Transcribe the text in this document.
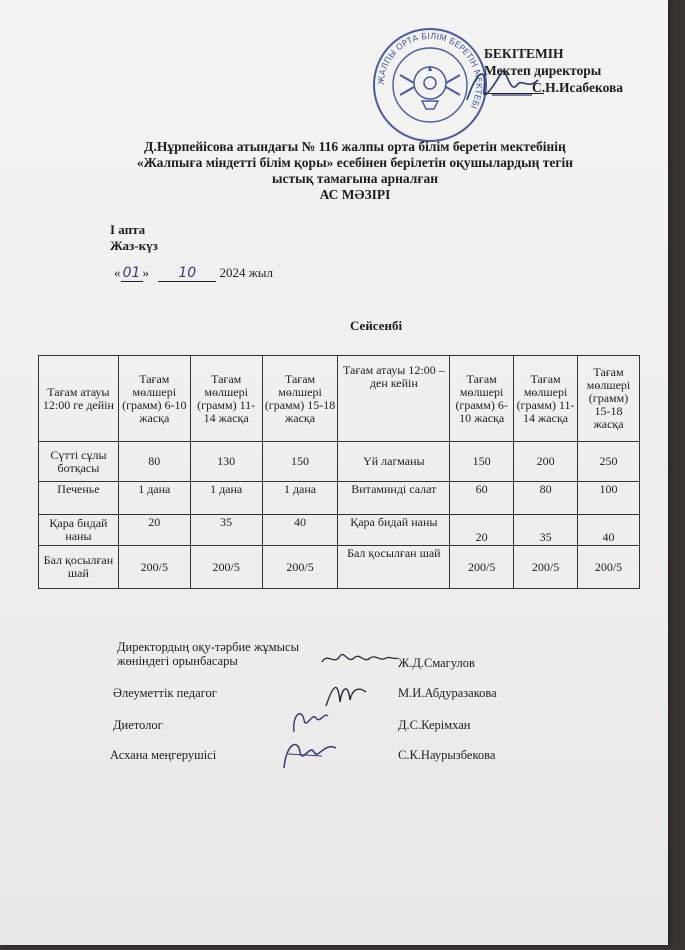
ЖАЛПЫ ОРТА БІЛІМ БЕРЕТІН МЕКТЕБІ
БЕКІТЕМІН
Мектеп директоры
С.Н.Исабекова
Д.Нұрпейісова атындағы № 116 жалпы орта білім беретін мектебінің
«Жалпыға міндетті білім қоры» есебінен берілетін оқушылардың тегін
ыстық тамағына арналған
АС МӘЗІРІ
I апта
Жаз-күз
« 01 » 10 2024 жыл
Сейсенбі
Тағам атауы 12:00 ге дейін	Тағам мөлшері (грамм) 6-10 жасқа	Тағам мөлшері (грамм) 11-14 жасқа	Тағам мөлшері (грамм) 15-18 жасқа	Тағам атауы 12:00 – ден кейін	Тағам мөлшері (грамм) 6-10 жасқа	Тағам мөлшері (грамм) 11-14 жасқа	Тағам мөлшері (грамм) 15-18 жасқа
Сүтті сұлы ботқасы	80	130	150	Үй лагманы	150	200	250
Печенье	1 дана	1 дана	1 дана	Витаминді салат	60	80	100
Қара бидай наны	20	35	40	Қара бидай наны	20	35	40
Бал қосылған шай	200/5	200/5	200/5	Бал қосылған шай	200/5	200/5	200/5
Директордың оқу-тәрбие жұмысы жөніндегі орынбасары	Ж.Д.Смагулов
Әлеуметтік педагог	М.И.Абдуразакова
Диетолог	Д.С.Керімхан
Асхана меңгерушісі	С.К.Наурызбекова
